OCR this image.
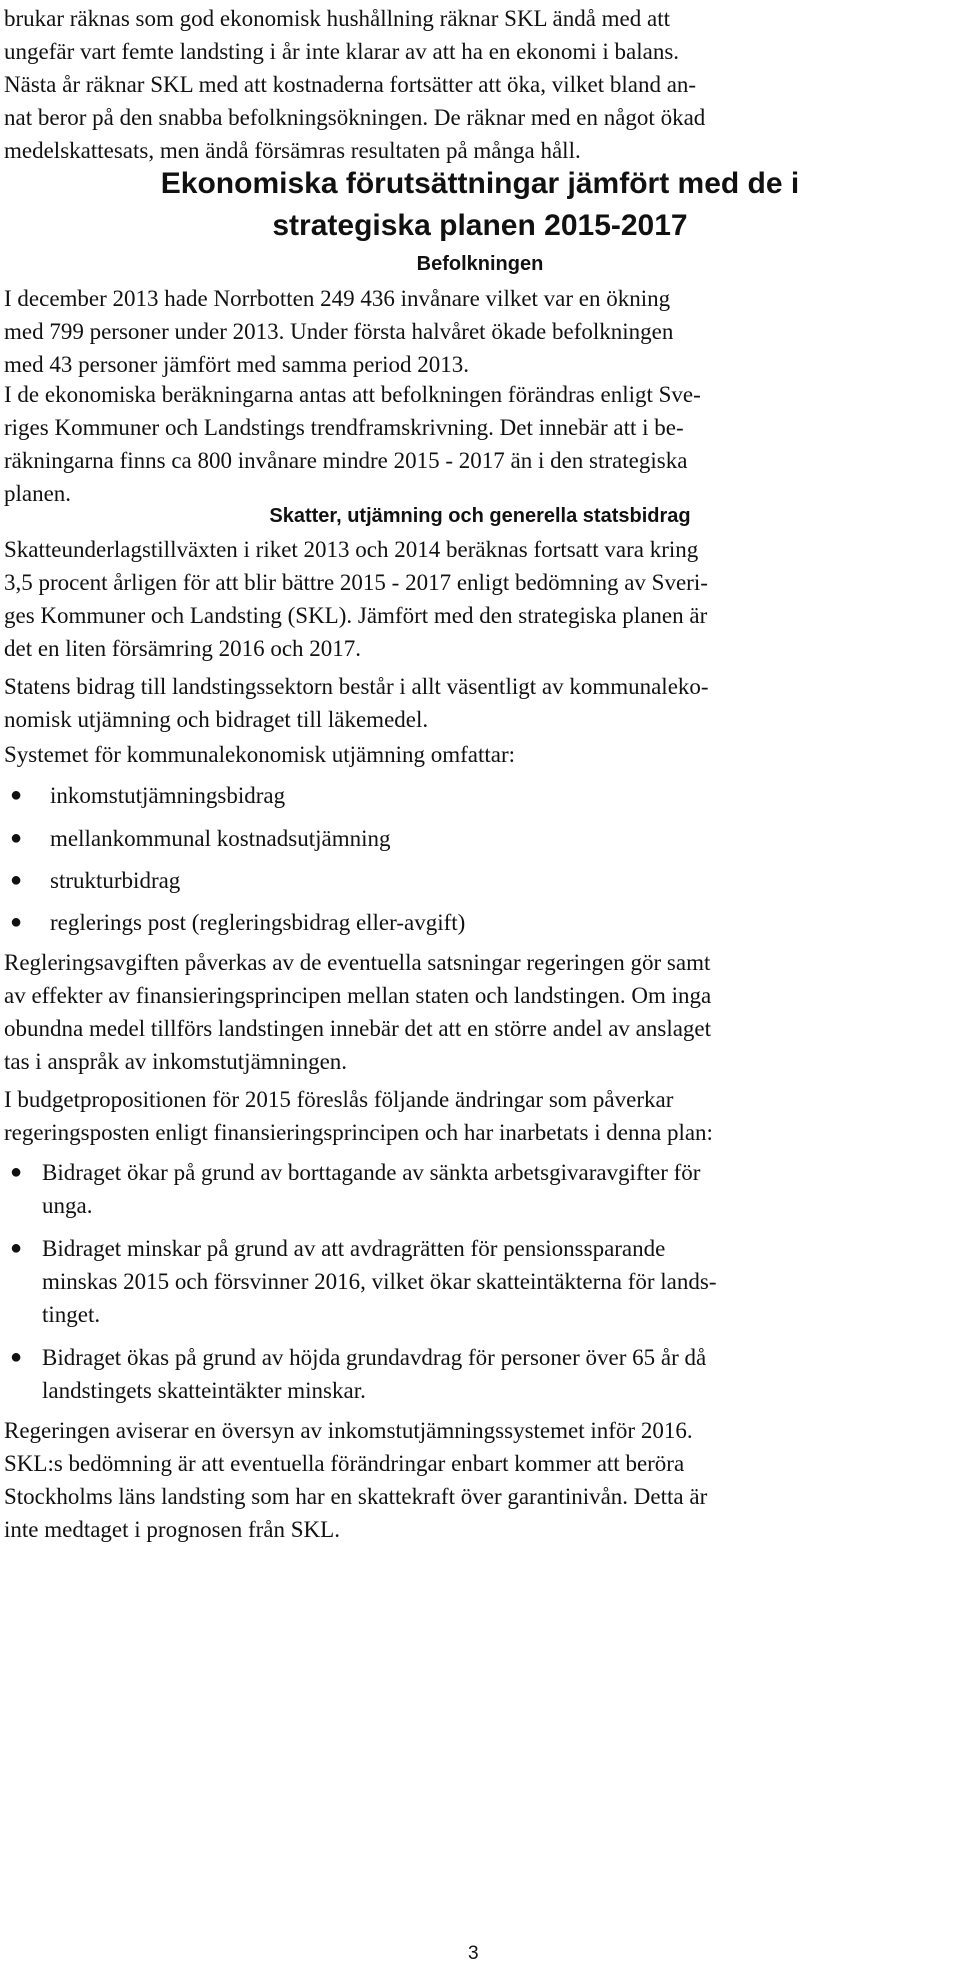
brukar räknas som god ekonomisk hushållning räknar SKL ändå med att
ungefär vart femte landsting i år inte klarar av att ha en ekonomi i balans.
Nästa år räknar SKL med att kostnaderna fortsätter att öka, vilket bland an-
nat beror på den snabba befolkningsökningen. De räknar med en något ökad
medelskattesats, men ändå försämras resultaten på många håll.
Ekonomiska förutsättningar jämfört med de i
strategiska planen 2015-2017
Befolkningen
I december 2013 hade Norrbotten 249 436 invånare vilket var en ökning
med 799 personer under 2013. Under första halvåret ökade befolkningen
med 43 personer jämfört med samma period 2013.
I de ekonomiska beräkningarna antas att befolkningen förändras enligt Sve-
riges Kommuner och Landstings trendframskrivning. Det innebär att i be-
räkningarna finns ca 800 invånare mindre 2015 - 2017 än i den strategiska
planen.
Skatter, utjämning och generella statsbidrag
Skatteunderlagstillväxten i riket 2013 och 2014 beräknas fortsatt vara kring
3,5 procent årligen för att blir bättre 2015 - 2017 enligt bedömning av Sveri-
ges Kommuner och Landsting (SKL). Jämfört med den strategiska planen är
det en liten försämring 2016 och 2017.
Statens bidrag till landstingssektorn består i allt väsentligt av kommunaleko-
nomisk utjämning och bidraget till läkemedel.
Systemet för kommunalekonomisk utjämning omfattar:
●	inkomstutjämningsbidrag
●	mellankommunal kostnadsutjämning
●	strukturbidrag
●	reglerings post (regleringsbidrag eller-avgift)
Regleringsavgiften påverkas av de eventuella satsningar regeringen gör samt
av effekter av finansieringsprincipen mellan staten och landstingen. Om inga
obundna medel tillförs landstingen innebär det att en större andel av anslaget
tas i anspråk av inkomstutjämningen.
I budgetpropositionen för 2015 föreslås följande ändringar som påverkar
regeringsposten enligt finansieringsprincipen och har inarbetats i denna plan:
● Bidraget ökar på grund av borttagande av sänkta arbetsgivaravgifter för
unga.
● Bidraget minskar på grund av att avdragrätten för pensionssparande
minskas 2015 och försvinner 2016, vilket ökar skatteintäkterna för lands-
tinget.
● Bidraget ökas på grund av höjda grundavdrag för personer över 65 år då
landstingets skatteintäkter minskar.
Regeringen aviserar en översyn av inkomstutjämningssystemet inför 2016.
SKL:s bedömning är att eventuella förändringar enbart kommer att beröra
Stockholms läns landsting som har en skattekraft över garantinivån. Detta är
inte medtaget i prognosen från SKL.
3
